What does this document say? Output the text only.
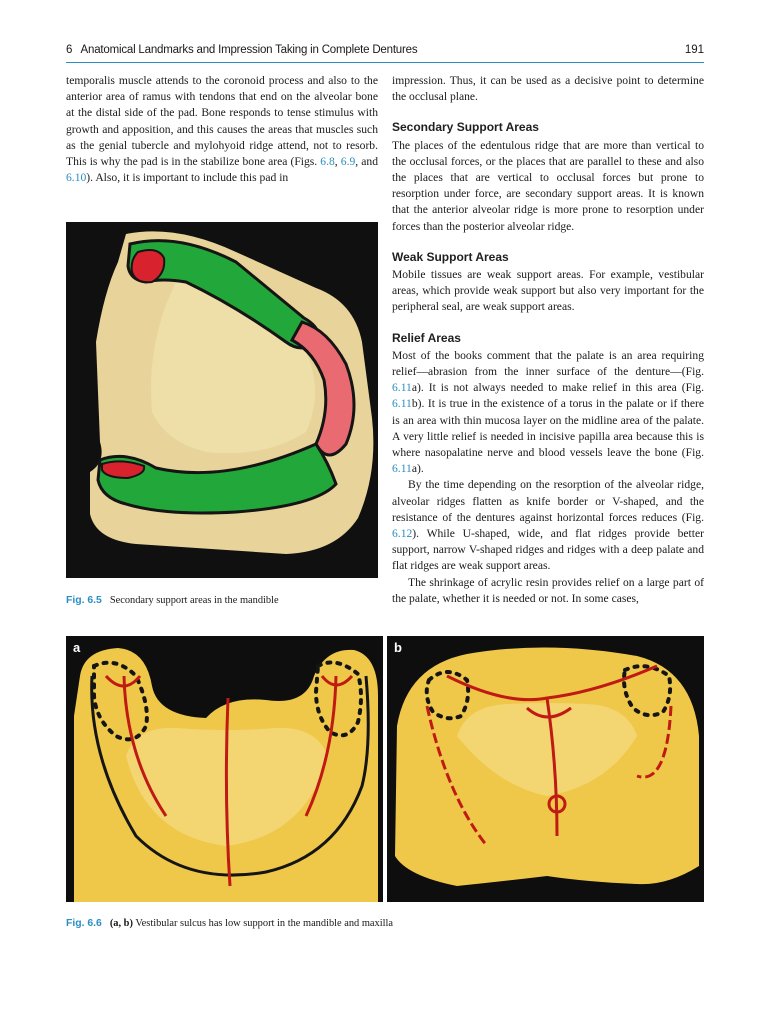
6   Anatomical Landmarks and Impression Taking in Complete Dentures	191

temporalis muscle attends to the coronoid process and also to the anterior area of ramus with tendons that end on the alveolar bone at the distal side of the pad. Bone responds to tense stimulus with growth and apposition, and this causes the areas that muscles such as the genial tubercle and mylohyoid ridge attend, not to resorb. This is why the pad is in the stabilize bone area (Figs. 6.8, 6.9, and 6.10). Also, it is important to include this pad in

Fig. 6.5 Secondary support areas in the mandible

impression. Thus, it can be used as a decisive point to determine the occlusal plane.

Secondary Support Areas

The places of the edentulous ridge that are more than vertical to the occlusal forces, or the places that are parallel to these and also the places that are vertical to occlusal forces but prone to resorption under force, are secondary support areas. It is known that the anterior alveolar ridge is more prone to resorption under forces than the posterior alveolar ridge.

Weak Support Areas

Mobile tissues are weak support areas. For example, vestibular areas, which provide weak support but also very important for the peripheral seal, are weak support areas.

Relief Areas

Most of the books comment that the palate is an area requiring relief—abrasion from the inner surface of the denture—(Fig. 6.11a). It is not always needed to make relief in this area (Fig. 6.11b). It is true in the existence of a torus in the palate or if there is an area with thin mucosa layer on the midline area of the palate. A very little relief is needed in incisive papilla area because this is where nasopalatine nerve and blood vessels leave the bone (Fig. 6.11a).

By the time depending on the resorption of the alveolar ridge, alveolar ridges flatten as knife border or V-shaped, and the resistance of the dentures against horizontal forces reduces (Fig. 6.12). While U-shaped, wide, and flat ridges provide better support, narrow V-shaped ridges and ridges with a deep palate and flat ridges are weak support areas.

The shrinkage of acrylic resin provides relief on a large part of the palate, whether it is needed or not. In some cases,

a	b
Fig. 6.6 (a, b) Vestibular sulcus has low support in the mandible and maxilla
